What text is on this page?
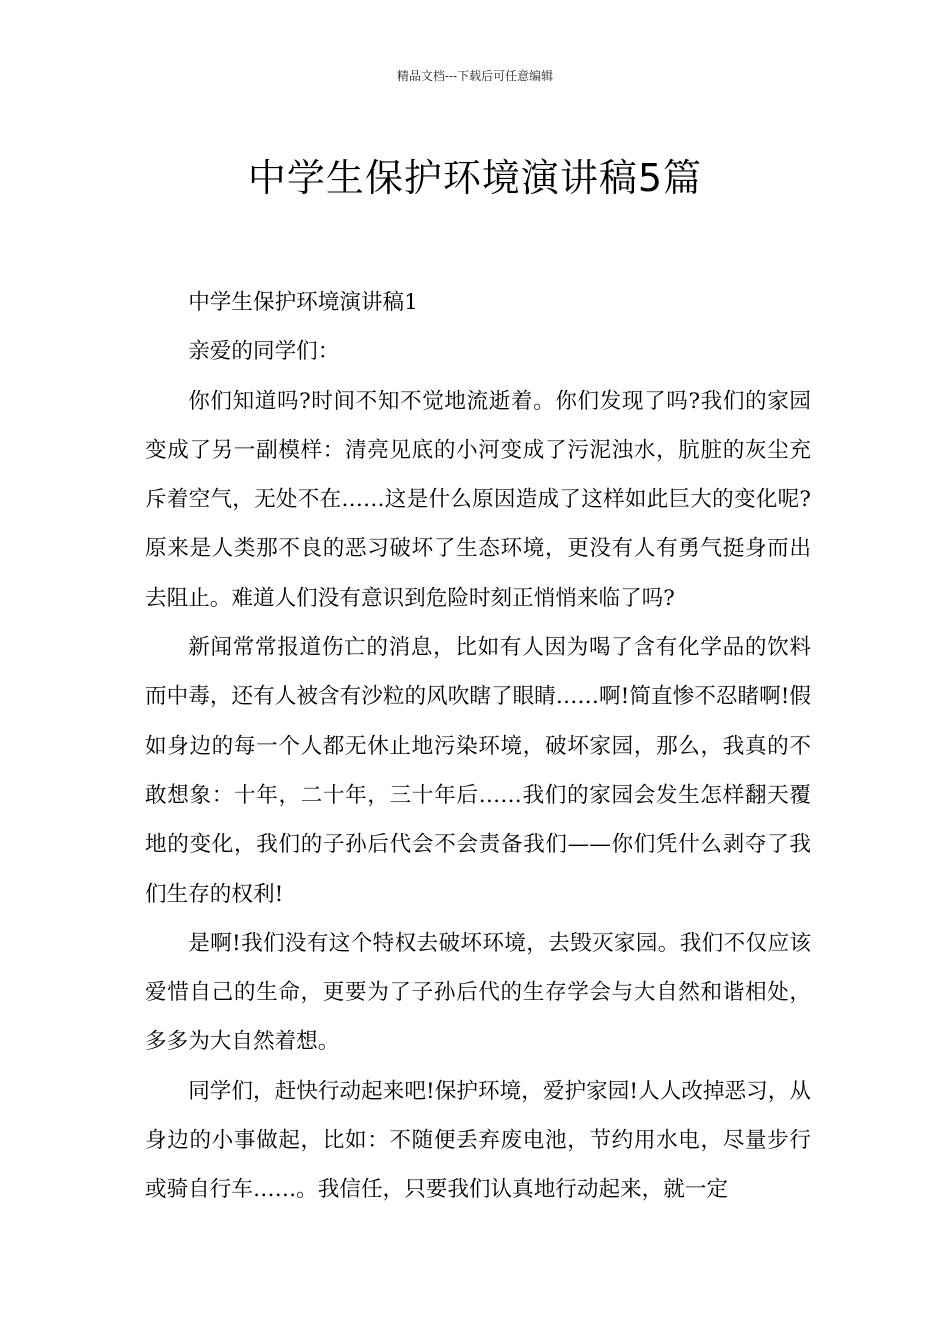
精品文档---下载后可任意编辑
中学生保护环境演讲稿5篇

中学生保护环境演讲稿1

亲爱的同学们：

你们知道吗?时间不知不觉地流逝着。你们发现了吗?我们的家园变成了另一副模样：清亮见底的小河变成了污泥浊水，肮脏的灰尘充斥着空气，无处不在……这是什么原因造成了这样如此巨大的变化呢?原来是人类那不良的恶习破坏了生态环境，更没有人有勇气挺身而出去阻止。难道人们没有意识到危险时刻正悄悄来临了吗?

新闻常常报道伤亡的消息，比如有人因为喝了含有化学品的饮料而中毒，还有人被含有沙粒的风吹瞎了眼睛……啊!简直惨不忍睹啊!假如身边的每一个人都无休止地污染环境，破坏家园，那么，我真的不敢想象：十年，二十年，三十年后……我们的家园会发生怎样翻天覆地的变化，我们的子孙后代会不会责备我们——你们凭什么剥夺了我们生存的权利!

是啊!我们没有这个特权去破坏环境，去毁灭家园。我们不仅应该爱惜自己的生命，更要为了子孙后代的生存学会与大自然和谐相处，多多为大自然着想。

同学们，赶快行动起来吧!保护环境，爱护家园!人人改掉恶习，从身边的小事做起，比如：不随便丢弃废电池，节约用水电，尽量步行或骑自行车……。我信任，只要我们认真地行动起来，就一定
